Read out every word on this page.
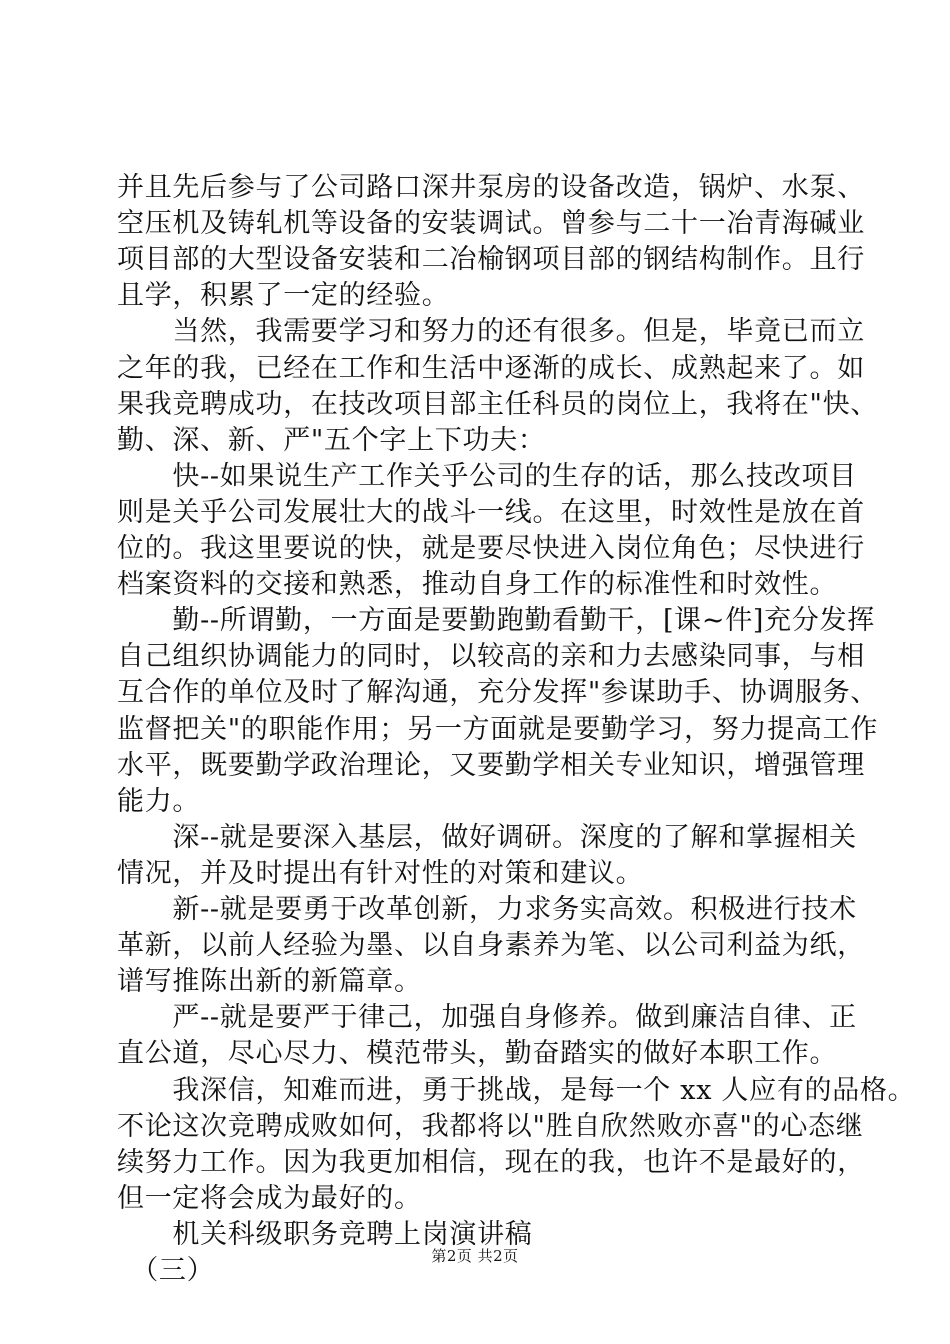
并且先后参与了公司路口深井泵房的设备改造，锅炉、水泵、
空压机及铸轧机等设备的安装调试。曾参与二十一冶青海碱业
项目部的大型设备安装和二冶榆钢项目部的钢结构制作。且行
且学，积累了一定的经验。
　　当然，我需要学习和努力的还有很多。但是，毕竟已而立
之年的我，已经在工作和生活中逐渐的成长、成熟起来了。如
果我竞聘成功，在技改项目部主任科员的岗位上，我将在"快、
勤、深、新、严"五个字上下功夫：
　　快--如果说生产工作关乎公司的生存的话，那么技改项目
则是关乎公司发展壮大的战斗一线。在这里，时效性是放在首
位的。我这里要说的快，就是要尽快进入岗位角色；尽快进行
档案资料的交接和熟悉，推动自身工作的标准性和时效性。
　　勤--所谓勤，一方面是要勤跑勤看勤干，[课~件]充分发挥
自己组织协调能力的同时，以较高的亲和力去感染同事，与相
互合作的单位及时了解沟通，充分发挥"参谋助手、协调服务、
监督把关"的职能作用；另一方面就是要勤学习，努力提高工作
水平，既要勤学政治理论，又要勤学相关专业知识，增强管理
能力。
　　深--就是要深入基层，做好调研。深度的了解和掌握相关
情况，并及时提出有针对性的对策和建议。
　　新--就是要勇于改革创新，力求务实高效。积极进行技术
革新，以前人经验为墨、以自身素养为笔、以公司利益为纸，
谱写推陈出新的新篇章。
　　严--就是要严于律己，加强自身修养。做到廉洁自律、正
直公道，尽心尽力、模范带头，勤奋踏实的做好本职工作。
　　我深信，知难而进，勇于挑战，是每一个 xx 人应有的品格。
不论这次竞聘成败如何，我都将以"胜自欣然败亦喜"的心态继
续努力工作。因为我更加相信，现在的我，也许不是最好的，
但一定将会成为最好的。
　　机关科级职务竞聘上岗演讲稿
　（三）	第2页 共2页
